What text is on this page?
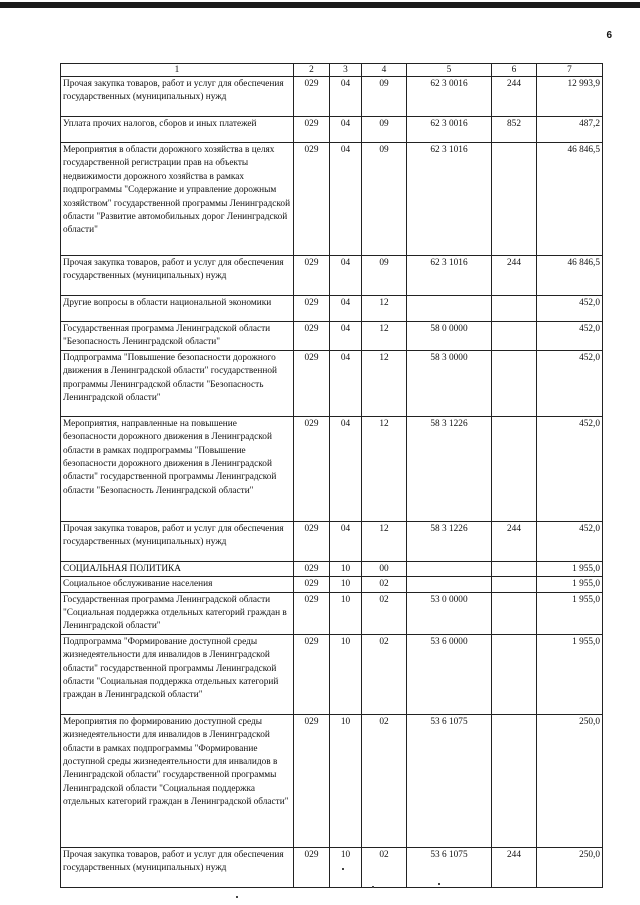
6
1	2	3	4	5	6	7
Прочая закупка товаров, работ и услуг для обеспечения государственных (муниципальных) нужд	029	04	09	62 3 0016	244	12 993,9
Уплата прочих налогов, сборов и иных платежей	029	04	09	62 3 0016	852	487,2
Мероприятия в области дорожного хозяйства в целях государственной регистрации прав на объекты недвижимости дорожного хозяйства в рамках подпрограммы "Содержание и управление дорожным хозяйством" государственной программы Ленинградской области "Развитие автомобильных дорог Ленинградской области"	029	04	09	62 3 1016		46 846,5
Прочая закупка товаров, работ и услуг для обеспечения государственных (муниципальных) нужд	029	04	09	62 3 1016	244	46 846,5
Другие вопросы в области национальной экономики	029	04	12			452,0
Государственная программа Ленинградской области "Безопасность Ленинградской области"	029	04	12	58 0 0000		452,0
Подпрограмма "Повышение безопасности дорожного движения в Ленинградской области" государственной программы Ленинградской области "Безопасность Ленинградской области"	029	04	12	58 3 0000		452,0
Мероприятия, направленные на повышение безопасности дорожного движения в Ленинградской области в рамках подпрограммы "Повышение безопасности дорожного движения в Ленинградской области" государственной программы Ленинградской области "Безопасность Ленинградской области"	029	04	12	58 3 1226		452,0
Прочая закупка товаров, работ и услуг для обеспечения государственных (муниципальных) нужд	029	04	12	58 3 1226	244	452,0
СОЦИАЛЬНАЯ ПОЛИТИКА	029	10	00			1 955,0
Социальное обслуживание населения	029	10	02			1 955,0
Государственная программа Ленинградской области "Социальная поддержка отдельных категорий граждан в Ленинградской области"	029	10	02	53 0 0000		1 955,0
Подпрограмма "Формирование доступной среды жизнедеятельности для инвалидов в Ленинградской области" государственной программы Ленинградской области "Социальная поддержка отдельных категорий граждан в Ленинградской области"	029	10	02	53 6 0000		1 955,0
Мероприятия по формированию доступной среды жизнедеятельности для инвалидов в Ленинградской области в рамках подпрограммы "Формирование доступной среды жизнедеятельности для инвалидов в Ленинградской области" государственной программы Ленинградской области "Социальная поддержка отдельных категорий граждан в Ленинградской области"	029	10	02	53 6 1075		250,0
Прочая закупка товаров, работ и услуг для обеспечения государственных (муниципальных) нужд	029	10	02	53 6 1075	244	250,0
